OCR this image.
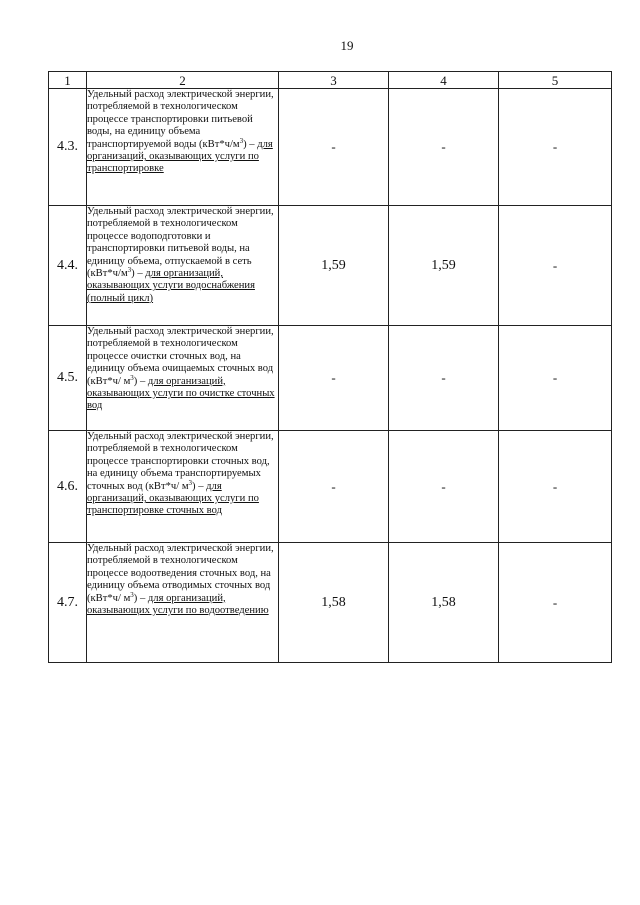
19
1	2	3	4	5
4.3.	Удельный расход электрической энергии, потребляемой в технологическом процессе транспортировки питьевой воды, на единицу объема транспортируемой воды $(кВт*ч/м^3)$ – для организаций, оказывающих услуги по транспортировке	-	-	-
4.4.	Удельный расход электрической энергии, потребляемой в технологическом процессе водоподготовки и транспортировки питьевой воды, на единицу объема, отпускаемой в сеть $(кВт*ч/м^3)$ – для организаций, оказывающих услуги водоснабжения (полный цикл)	1,59	1,59	-
4.5.	Удельный расход электрической энергии, потребляемой в технологическом процессе очистки сточных вод, на единицу объема очищаемых сточных вод (кВт*ч/ $м^3$) – для организаций, оказывающих услуги по очистке сточных вод	-	-	-
4.6.	Удельный расход электрической энергии, потребляемой в технологическом процессе транспортировки сточных вод, на единицу объема транспортируемых сточных вод (кВт*ч/ $м^3$) – для организаций, оказывающих услуги по транспортировке сточных вод	-	-	-
4.7.	Удельный расход электрической энергии, потребляемой в технологическом процессе водоотведения сточных вод, на единицу объема отводимых сточных вод (кВт*ч/ $м^3$) – для организаций, оказывающих услуги по водоотведению	1,58	1,58	-
